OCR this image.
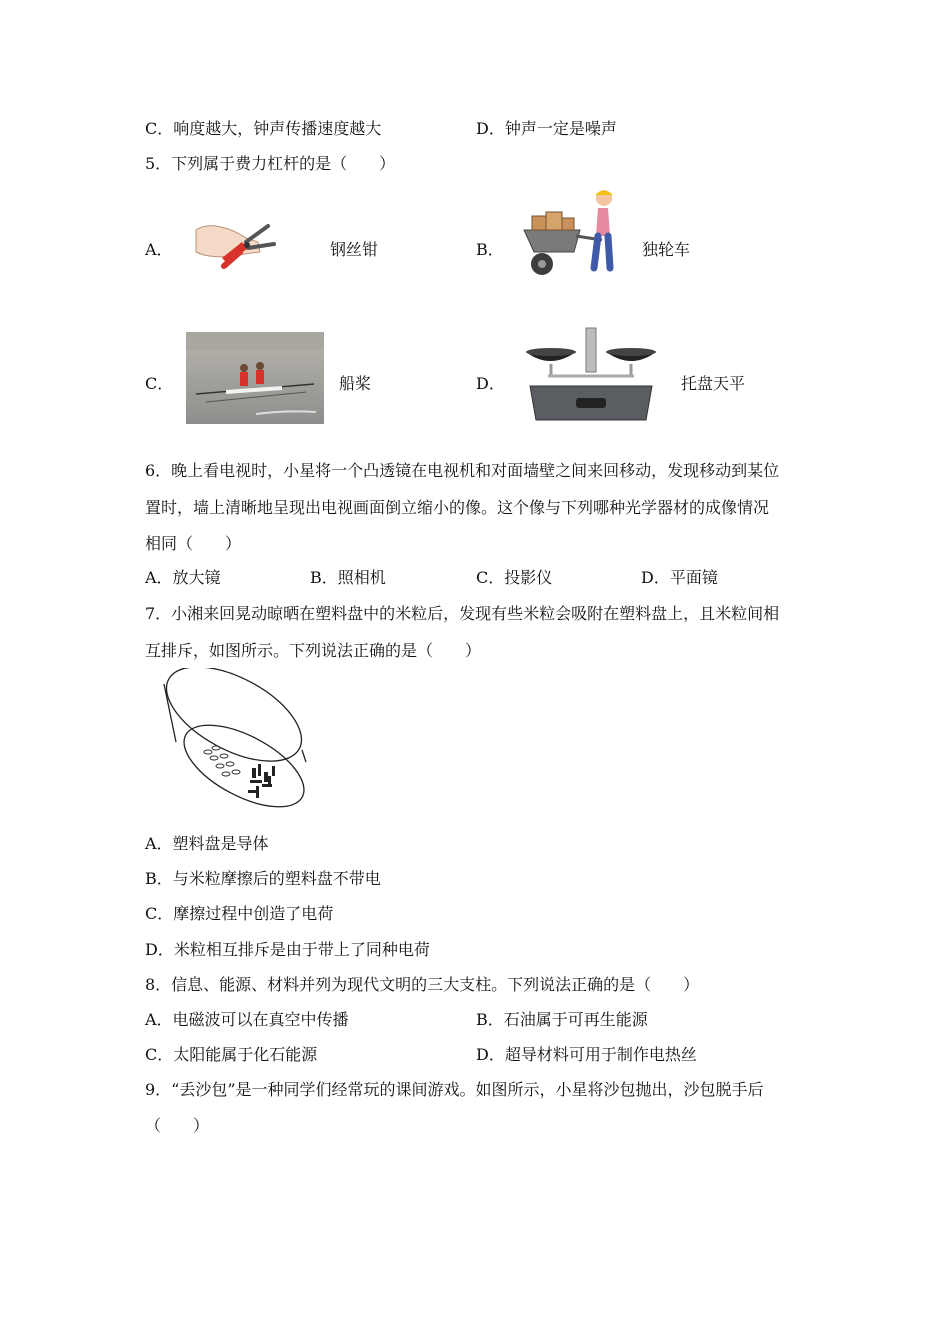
C．响度越大，钟声传播速度越大	D．钟声一定是噪声
5．下列属于费力杠杆的是（　　）
A．	钢丝钳	B．	独轮车
C．	船桨	D．	托盘天平
6．晚上看电视时，小星将一个凸透镜在电视机和对面墙壁之间来回移动，发现移动到某位
置时，墙上清晰地呈现出电视画面倒立缩小的像。这个像与下列哪种光学器材的成像情况
相同（　　）
A．放大镜	B．照相机	C．投影仪	D．平面镜
7．小湘来回晃动晾晒在塑料盘中的米粒后，发现有些米粒会吸附在塑料盘上，且米粒间相
互排斥，如图所示。下列说法正确的是（　　）
A．塑料盘是导体
B．与米粒摩擦后的塑料盘不带电
C．摩擦过程中创造了电荷
D．米粒相互排斥是由于带上了同种电荷
8．信息、能源、材料并列为现代文明的三大支柱。下列说法正确的是（　　）
A．电磁波可以在真空中传播	B．石油属于可再生能源
C．太阳能属于化石能源	D．超导材料可用于制作电热丝
9．“丢沙包”是一种同学们经常玩的课间游戏。如图所示，小星将沙包抛出，沙包脱手后
（　　）
